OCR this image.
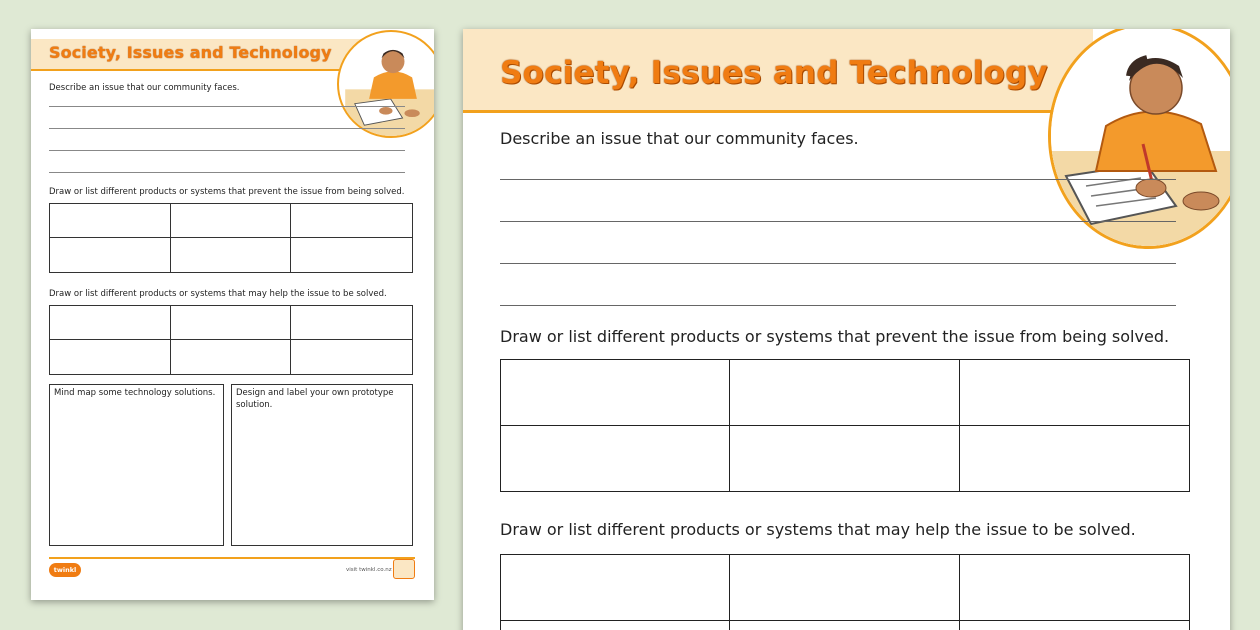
Society, Issues and Technology
Describe an issue that our community faces.
Draw or list different products or systems that prevent the issue from being solved.
Draw or list different products or systems that may help the issue to be solved.
Mind map some technology solutions.	Design and label your own prototype solution.
twinkl	visit twinkl.co.nz
Society, Issues and Technology
Describe an issue that our community faces.
Draw or list different products or systems that prevent the issue from being solved.
Draw or list different products or systems that may help the issue to be solved.
